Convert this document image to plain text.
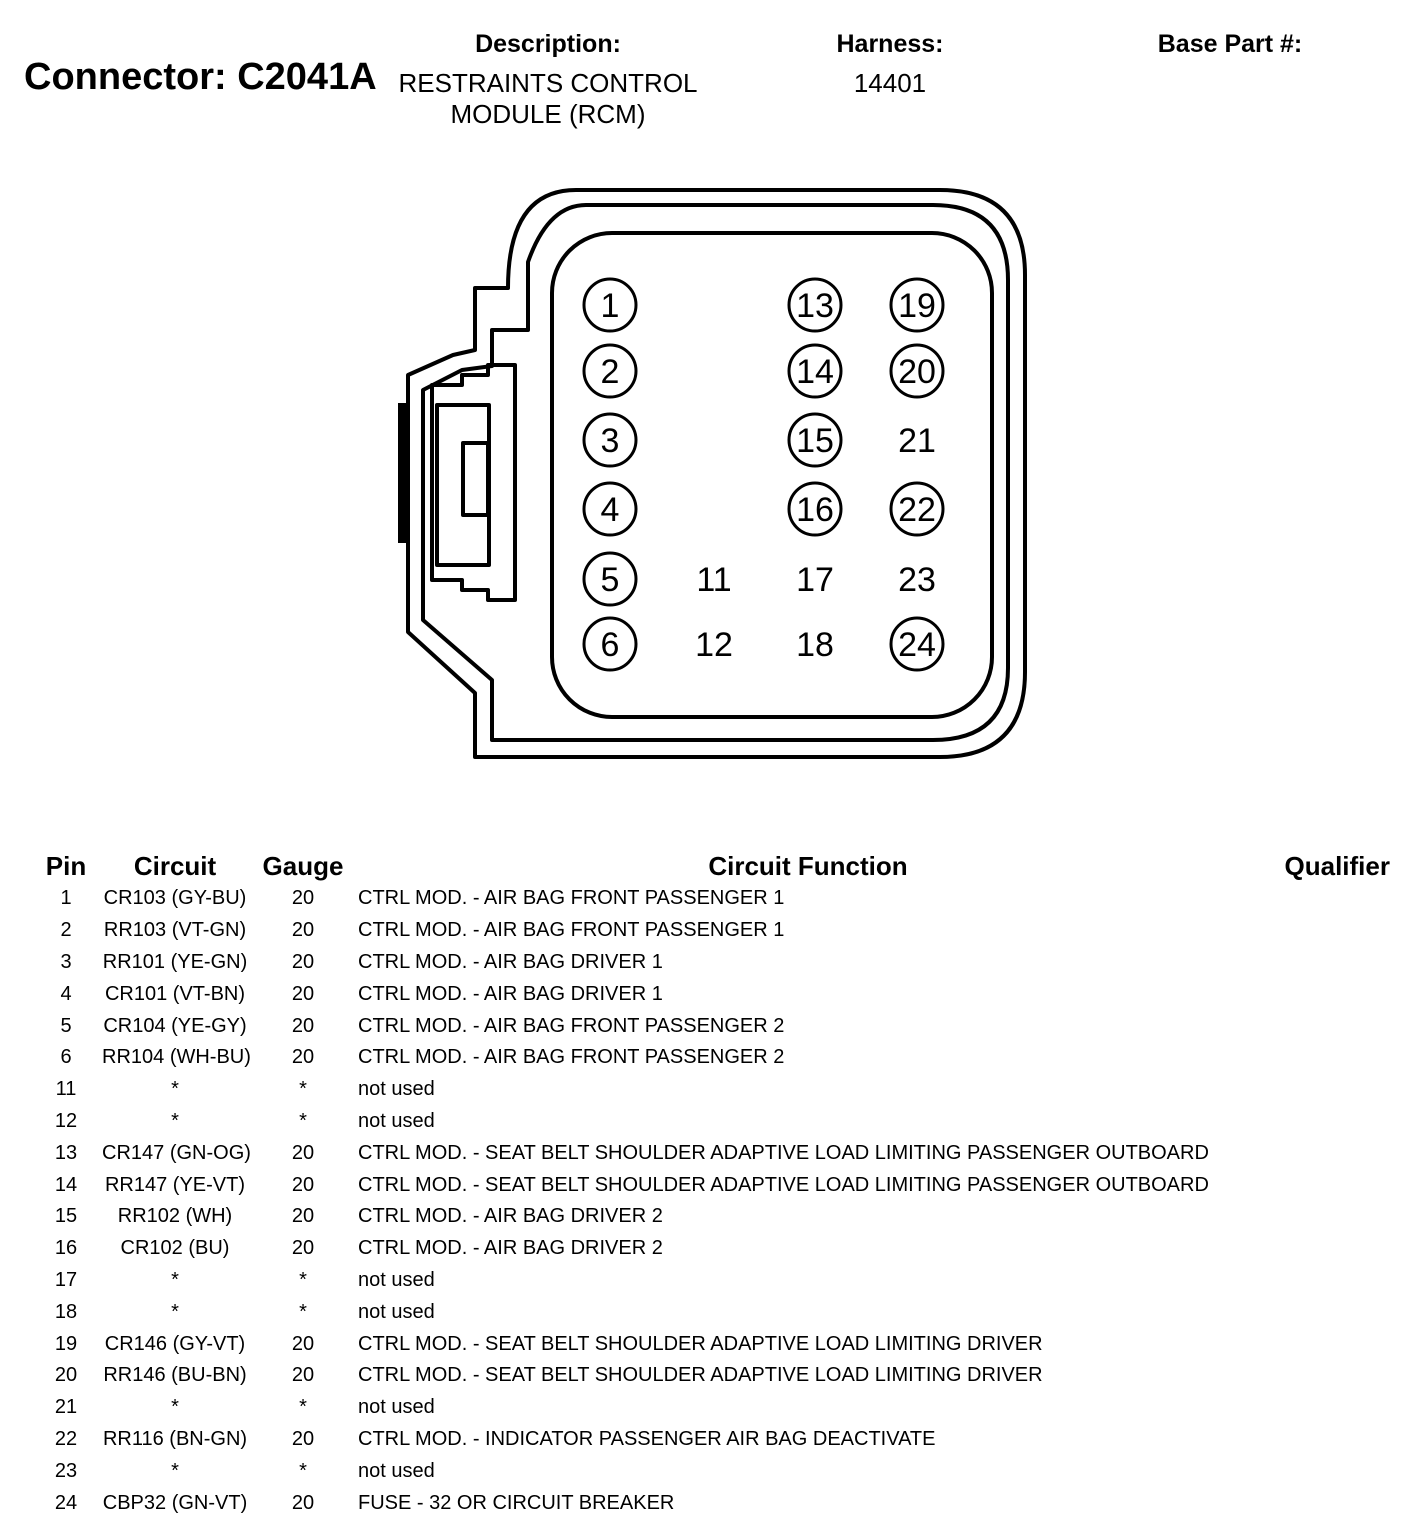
Connector: C2041A
Description:
RESTRAINTS CONTROL
MODULE (RCM)
Harness:
14401
Base Part #:
1
2
3
4
5
6
11
12
13
14
15
16
17
18
19
20
21
22
23
24
Pin	Circuit	Gauge	Circuit Function	Qualifier
1	CR103 (GY-BU)	20	CTRL MOD. - AIR BAG FRONT PASSENGER 1	
2	RR103 (VT-GN)	20	CTRL MOD. - AIR BAG FRONT PASSENGER 1	
3	RR101 (YE-GN)	20	CTRL MOD. - AIR BAG DRIVER 1	
4	CR101 (VT-BN)	20	CTRL MOD. - AIR BAG DRIVER 1	
5	CR104 (YE-GY)	20	CTRL MOD. - AIR BAG FRONT PASSENGER 2	
6	RR104 (WH-BU)	20	CTRL MOD. - AIR BAG FRONT PASSENGER 2	
11	*	*	not used	
12	*	*	not used	
13	CR147 (GN-OG)	20	CTRL MOD. - SEAT BELT SHOULDER ADAPTIVE LOAD LIMITING PASSENGER OUTBOARD	
14	RR147 (YE-VT)	20	CTRL MOD. - SEAT BELT SHOULDER ADAPTIVE LOAD LIMITING PASSENGER OUTBOARD	
15	RR102 (WH)	20	CTRL MOD. - AIR BAG DRIVER 2	
16	CR102 (BU)	20	CTRL MOD. - AIR BAG DRIVER 2	
17	*	*	not used	
18	*	*	not used	
19	CR146 (GY-VT)	20	CTRL MOD. - SEAT BELT SHOULDER ADAPTIVE LOAD LIMITING DRIVER	
20	RR146 (BU-BN)	20	CTRL MOD. - SEAT BELT SHOULDER ADAPTIVE LOAD LIMITING DRIVER	
21	*	*	not used	
22	RR116 (BN-GN)	20	CTRL MOD. - INDICATOR PASSENGER AIR BAG DEACTIVATE	
23	*	*	not used	
24	CBP32 (GN-VT)	20	FUSE - 32 OR CIRCUIT BREAKER	
